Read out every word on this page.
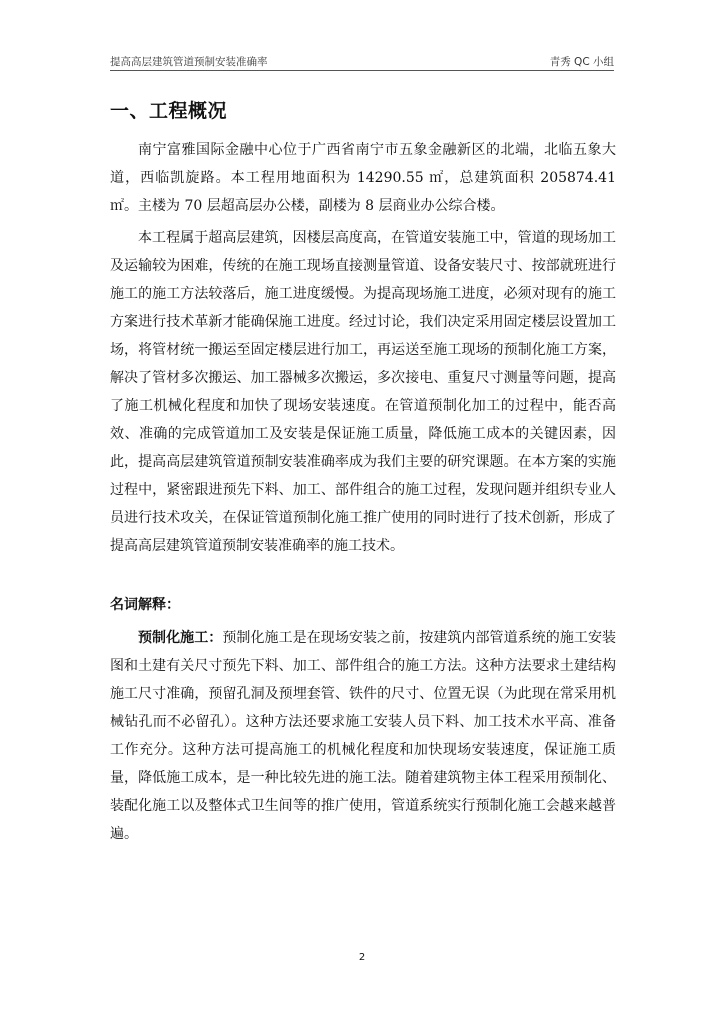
提高高层建筑管道预制安装准确率	青秀 QC 小组
一、工程概况

南宁富雅国际金融中心位于广西省南宁市五象金融新区的北端，北临五象大道，西临凯旋路。本工程用地面积为 14290.55 ㎡，总建筑面积 205874.41 ㎡。主楼为 70 层超高层办公楼，副楼为 8 层商业办公综合楼。

本工程属于超高层建筑，因楼层高度高，在管道安装施工中，管道的现场加工及运输较为困难，传统的在施工现场直接测量管道、设备安装尺寸、按部就班进行施工的施工方法较落后，施工进度缓慢。为提高现场施工进度，必须对现有的施工方案进行技术革新才能确保施工进度。经过讨论，我们决定采用固定楼层设置加工场，将管材统一搬运至固定楼层进行加工，再运送至施工现场的预制化施工方案，解决了管材多次搬运、加工器械多次搬运，多次接电、重复尺寸测量等问题，提高了施工机械化程度和加快了现场安装速度。在管道预制化加工的过程中，能否高效、准确的完成管道加工及安装是保证施工质量，降低施工成本的关键因素，因此，提高高层建筑管道预制安装准确率成为我们主要的研究课题。在本方案的实施过程中，紧密跟进预先下料、加工、部件组合的施工过程，发现问题并组织专业人员进行技术攻关，在保证管道预制化施工推广使用的同时进行了技术创新，形成了提高高层建筑管道预制安装准确率的施工技术。

名词解释：

预制化施工：预制化施工是在现场安装之前，按建筑内部管道系统的施工安装图和土建有关尺寸预先下料、加工、部件组合的施工方法。这种方法要求土建结构施工尺寸准确，预留孔洞及预埋套管、铁件的尺寸、位置无误（为此现在常采用机械钻孔而不必留孔）。这种方法还要求施工安装人员下料、加工技术水平高、准备工作充分。这种方法可提高施工的机械化程度和加快现场安装速度，保证施工质量，降低施工成本，是一种比较先进的施工法。随着建筑物主体工程采用预制化、装配化施工以及整体式卫生间等的推广使用，管道系统实行预制化施工会越来越普遍。

2
